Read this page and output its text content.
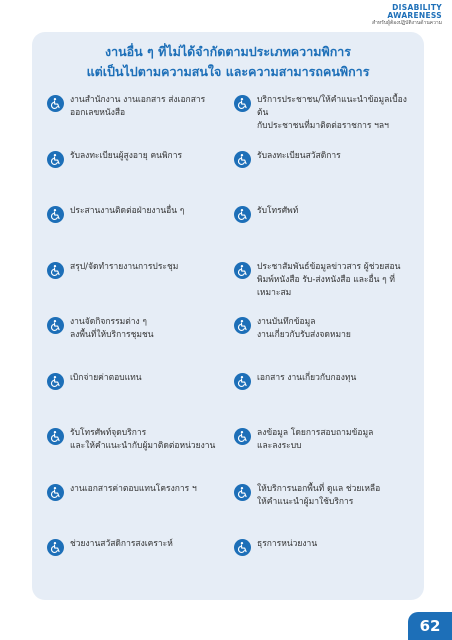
DISABILITY
AWARENESS
สำหรับผู้ต้องปฏิบัติงานด้านความ
งานอื่น ๆ ที่ไม่ได้จำกัดตามประเภทความพิการ
แต่เป็นไปตามความสนใจ และความสามารถคนพิการ
งานสำนักงาน งานเอกสาร ส่งเอกสาร
ออกเลขหนังสือ
บริการประชาชน/ให้คำแนะนำข้อมูลเบื้องต้น
กับประชาชนที่มาติดต่อราชการ ฯลฯ
รับลงทะเบียนผู้สูงอายุ คนพิการ	รับลงทะเบียนสวัสดิการ
ประสานงานติดต่อฝ่ายงานอื่น ๆ	รับโทรศัพท์
สรุป/จัดทำรายงานการประชุม	ประชาสัมพันธ์ข้อมูลข่าวสาร ผู้ช่วยสอน
พิมพ์หนังสือ รับ-ส่งหนังสือ และอื่น ๆ ที่เหมาะสม
งานจัดกิจกรรมต่าง ๆ
ลงพื้นที่ให้บริการชุมชน
งานบันทึกข้อมูล
งานเกี่ยวกับรับส่งจดหมาย
เบิกจ่ายค่าตอบแทน	เอกสาร งานเกี่ยวกับกองทุน
รับโทรศัพท์จุดบริการ
และให้คำแนะนำกับผู้มาติดต่อหน่วยงาน
ลงข้อมูล โดยการสอบถามข้อมูล
และลงระบบ
งานเอกสารค่าตอบแทนโครงการ ฯ	ให้บริการนอกพื้นที่ ดูแล ช่วยเหลือ
ให้คำแนะนำผู้มาใช้บริการ
ช่วยงานสวัสดิการสงเคราะห์	ธุรการหน่วยงาน
62
